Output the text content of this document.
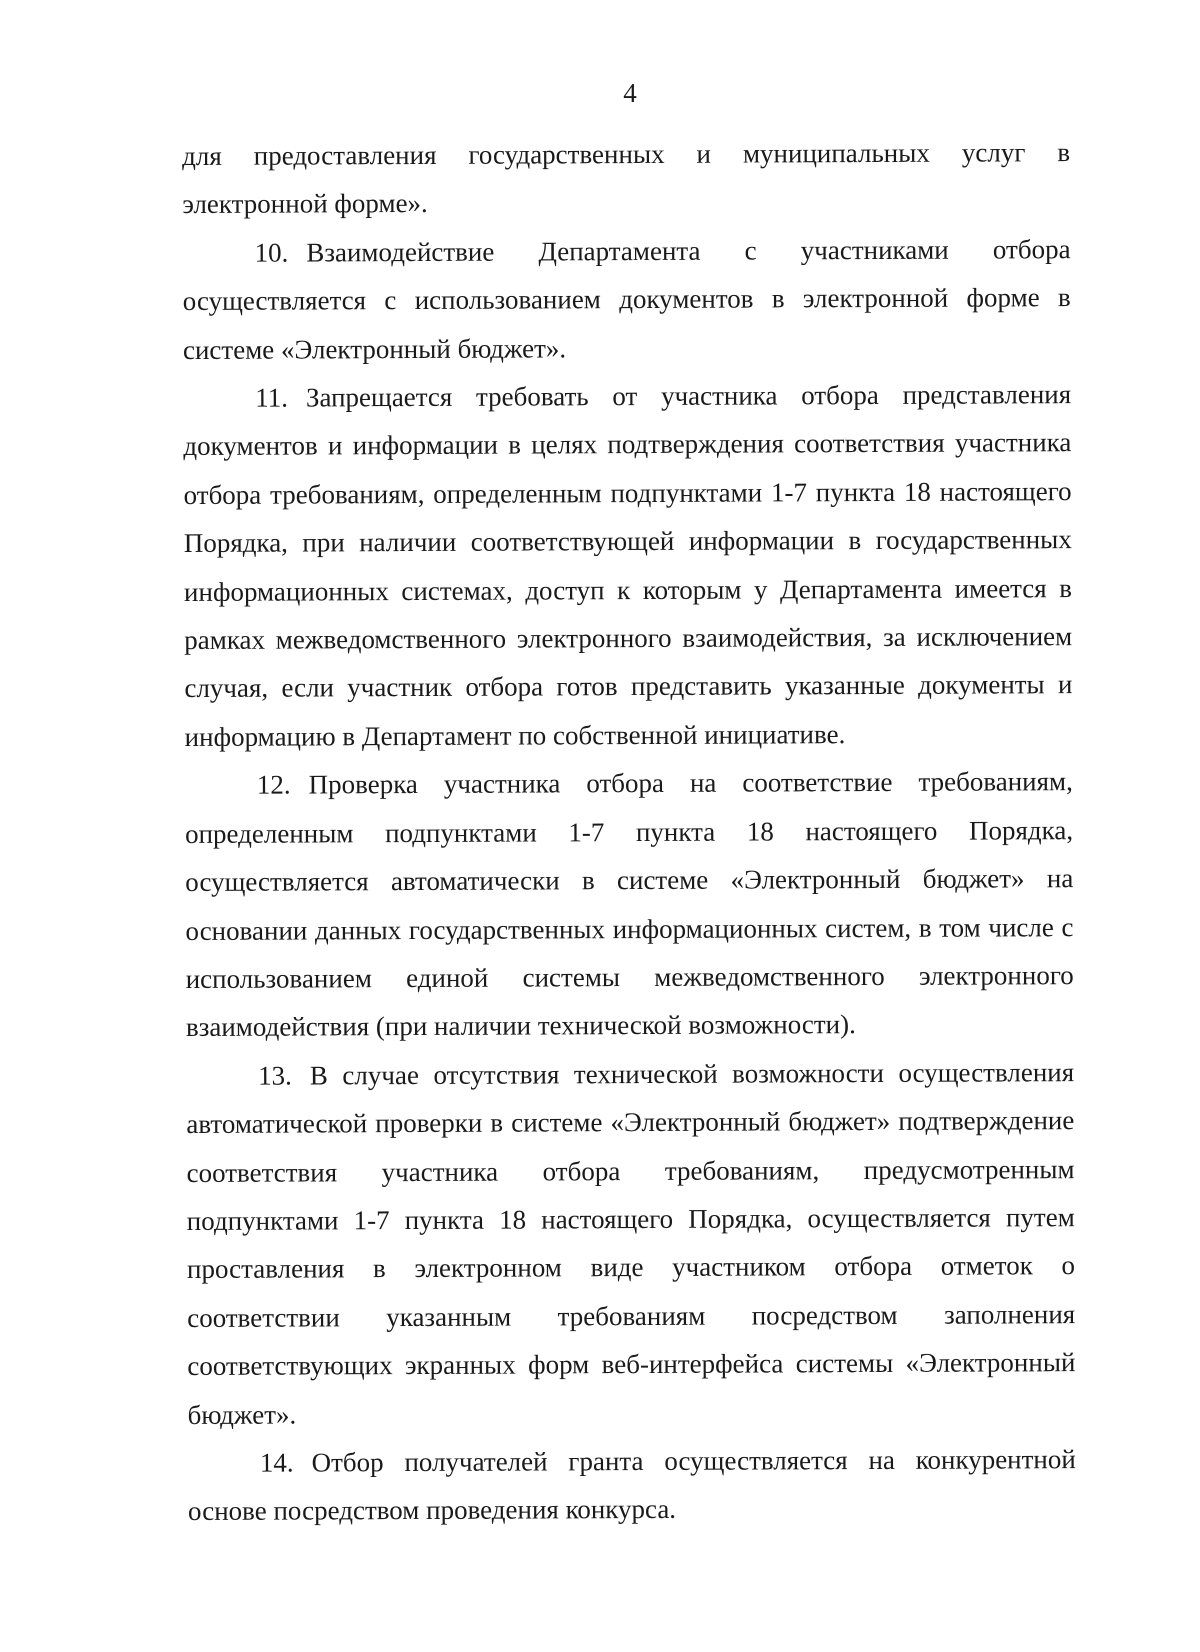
4

для предоставления государственных и муниципальных услуг в электронной форме».

10. Взаимодействие Департамента с участниками отбора осуществляется с использованием документов в электронной форме в системе «Электронный бюджет».

11. Запрещается требовать от участника отбора представления документов и информации в целях подтверждения соответствия участника отбора требованиям, определенным подпунктами 1-7 пункта 18 настоящего Порядка, при наличии соответствующей информации в государственных информационных системах, доступ к которым у Департамента имеется в рамках межведомственного электронного взаимодействия, за исключением случая, если участник отбора готов представить указанные документы и информацию в Департамент по собственной инициативе.

12. Проверка участника отбора на соответствие требованиям, определенным подпунктами 1-7 пункта 18 настоящего Порядка, осуществляется автоматически в системе «Электронный бюджет» на основании данных государственных информационных систем, в том числе с использованием единой системы межведомственного электронного взаимодействия (при наличии технической возможности).

13. В случае отсутствия технической возможности осуществления автоматической проверки в системе «Электронный бюджет» подтверждение соответствия участника отбора требованиям, предусмотренным подпунктами 1-7 пункта 18 настоящего Порядка, осуществляется путем проставления в электронном виде участником отбора отметок о соответствии указанным требованиям посредством заполнения соответствующих экранных форм веб-интерфейса системы «Электронный бюджет».

14. Отбор получателей гранта осуществляется на конкурентной основе посредством проведения конкурса.
